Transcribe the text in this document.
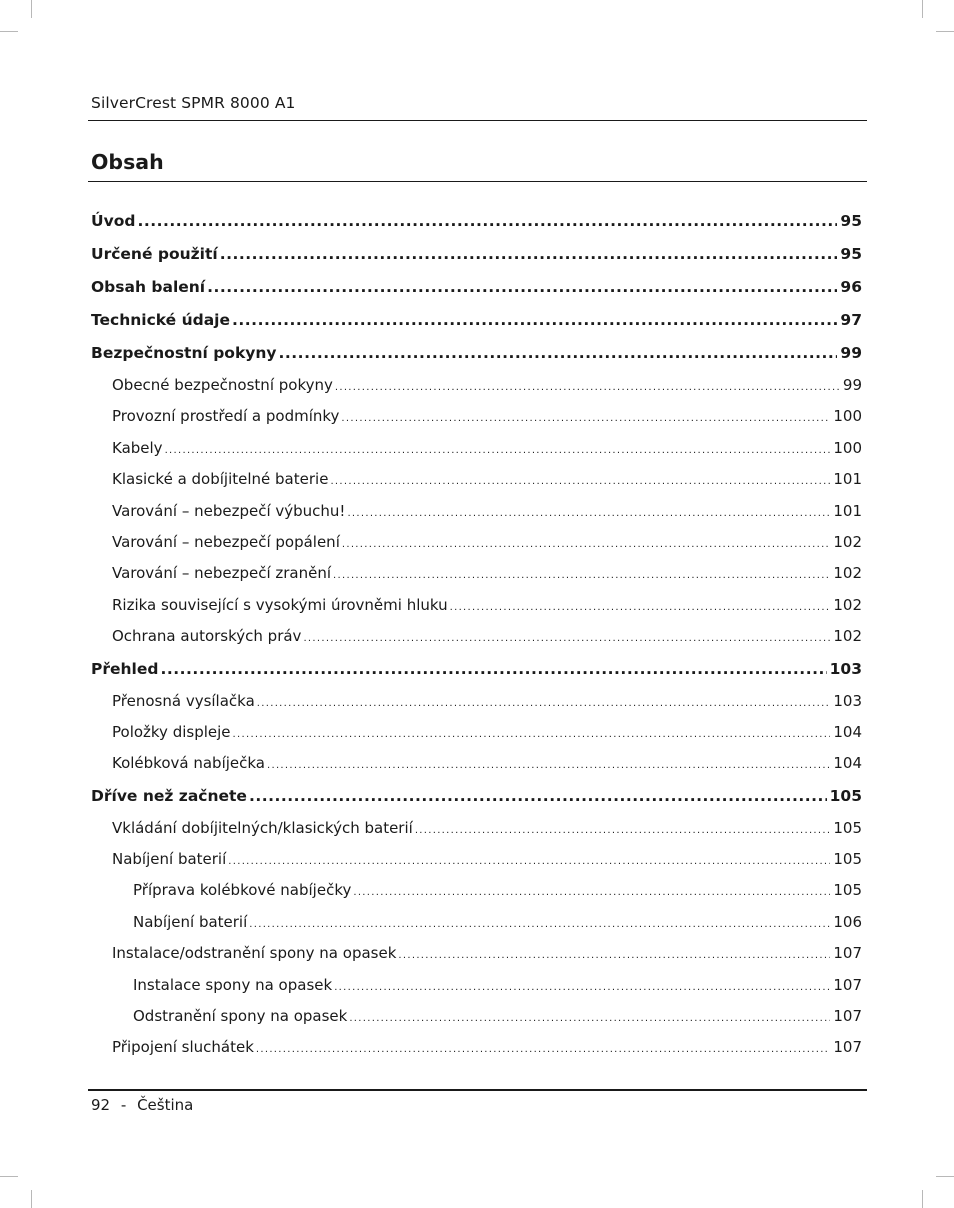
SilverCrest SPMR 8000 A1
Obsah
Úvod .....	95
Určené použití .....	95
Obsah balení .....	96
Technické údaje .....	97
Bezpečnostní pokyny .....	99
Obecné bezpečnostní pokyny .....	99
Provozní prostředí a podmínky .....	100
Kabely .....	100
Klasické a dobíjitelné baterie .....	101
Varování – nebezpečí výbuchu! .....	101
Varování – nebezpečí popálení .....	102
Varování – nebezpečí zranění .....	102
Rizika související s vysokými úrovněmi hluku .....	102
Ochrana autorských práv .....	102
Přehled .....	103
Přenosná vysílačka .....	103
Položky displeje .....	104
Kolébková nabíječka .....	104
Dříve než začnete .....	105
Vkládání dobíjitelných/klasických baterií .....	105
Nabíjení baterií .....	105
Příprava kolébkové nabíječky .....	105
Nabíjení baterií .....	106
Instalace/odstranění spony na opasek .....	107
Instalace spony na opasek .....	107
Odstranění spony na opasek .....	107
Připojení sluchátek .....	107
92 - Čeština
